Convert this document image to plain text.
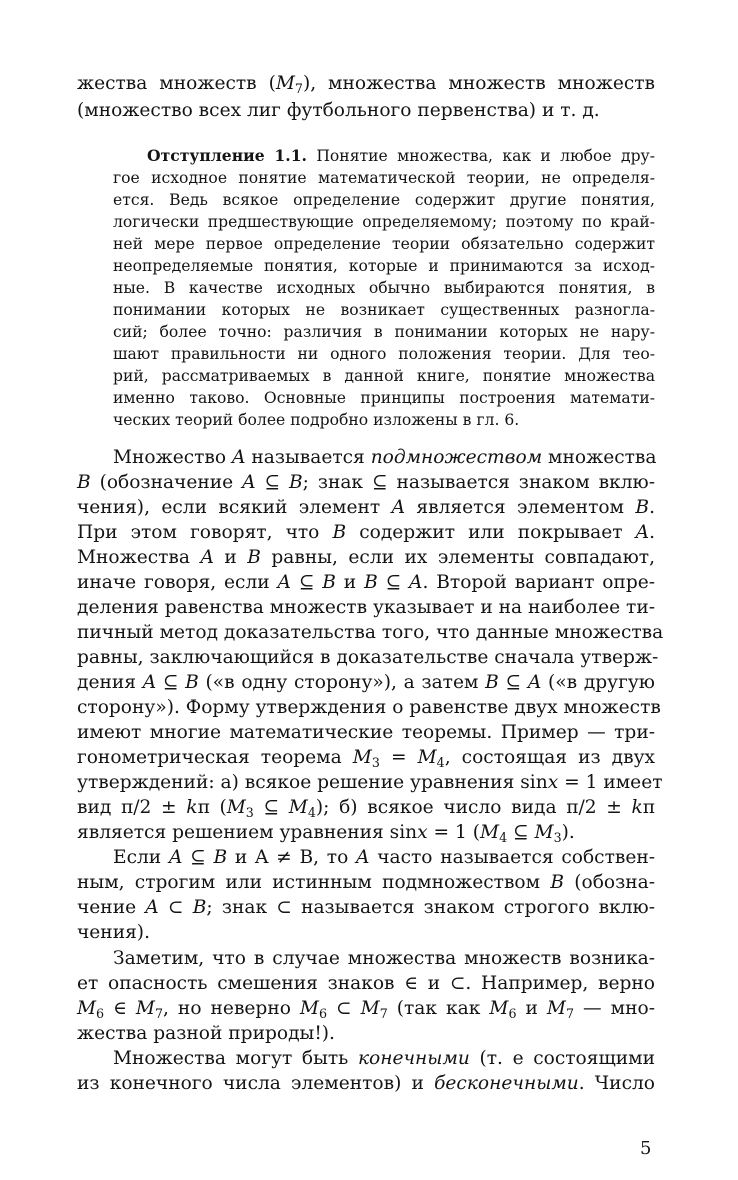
жества множеств $(M_7)$, множества множеств множеств
(множество всех лиг футбольного первенства) и т. д.
Отступление 1.1. Понятие множества, как и любое дру-
гое исходное понятие математической теории, не определя-
ется. Ведь всякое определение содержит другие понятия,
логически предшествующие определяемому; поэтому по край-
ней мере первое определение теории обязательно содержит
неопределяемые понятия, которые и принимаются за исход-
ные. В качестве исходных обычно выбираются понятия, в
понимании которых не возникает существенных разногла-
сий; более точно: различия в понимании которых не нару-
шают правильности ни одного положения теории. Для тео-
рий, рассматриваемых в данной книге, понятие множества
именно таково. Основные принципы построения математи-
ческих теорий более подробно изложены в гл. 6.
Множество A называется подмножеством множества
B (обозначение A ⊆ B; знак ⊆ называется знаком вклю-
чения), если всякий элемент A является элементом B.
При этом говорят, что B содержит или покрывает A.
Множества A и B равны, если их элементы совпадают,
иначе говоря, если A ⊆ B и B ⊆ A. Второй вариант опре-
деления равенства множеств указывает и на наиболее ти-
пичный метод доказательства того, что данные множества
равны, заключающийся в доказательстве сначала утверж-
дения A ⊆ B («в одну сторону»), а затем B ⊆ A («в другую
сторону»). Форму утверждения о равенстве двух множеств
имеют многие математические теоремы. Пример — три-
гонометрическая теорема $M_3 = M_4$, состоящая из двух
утверждений: а) всякое решение уравнения sinx = 1 имеет
вид π/2 ± kπ ($M_3$ ⊆ $M_4$); б) всякое число вида π/2 ± kπ
является решением уравнения sinx = 1 ($M_4$ ⊆ $M_3$).
Если A ⊆ B и A ≠ B, то A часто называется собствен-
ным, строгим или истинным подмножеством B (обозна-
чение A ⊂ B; знак ⊂ называется знаком строгого вклю-
чения).
Заметим, что в случае множества множеств возника-
ет опасность смешения знаков ∈ и ⊂. Например, верно
$M_6$ ∈ $M_7$, но неверно $M_6$ ⊂ $M_7$ (так как $M_6$ и $M_7$ — мно-
жества разной природы!).
Множества могут быть конечными (т. е состоящими
из конечного числа элементов) и бесконечными. Число
5
